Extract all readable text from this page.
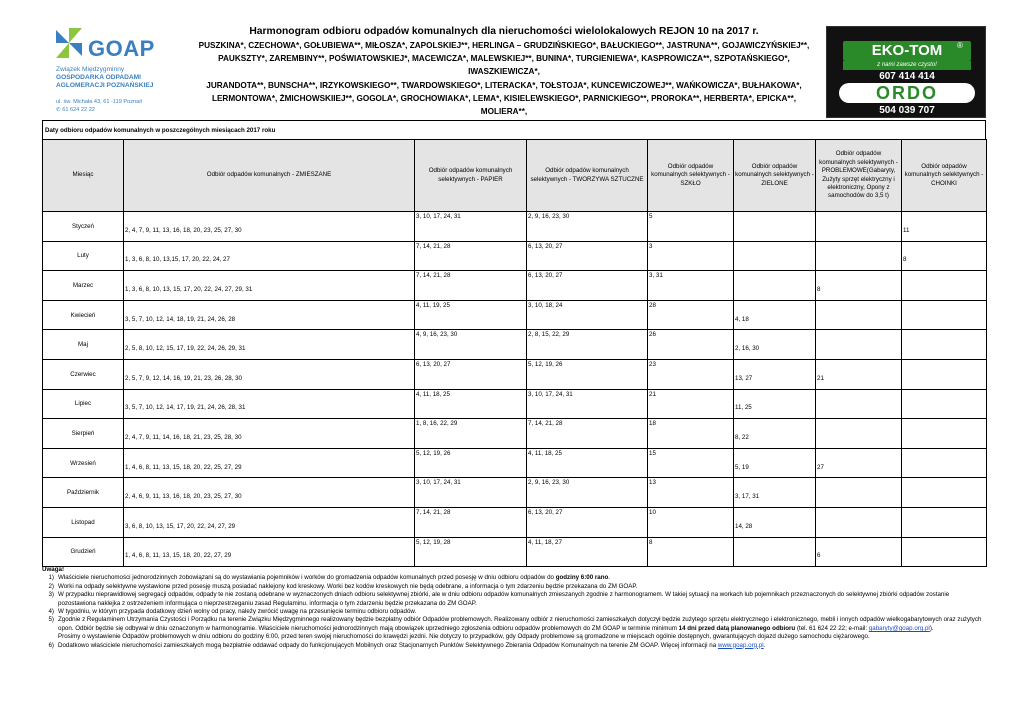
GOAP
Związek Międzygminny
GOSPODARKA ODPADAMI
AGLOMERACJI POZNAŃSKIEJ
ul. św. Michała 43, 61 -119 Poznań
✆ 61 624 22 22
Harmonogram odbioru odpadów komunalnych dla nieruchomości wielolokalowych REJON 10 na 2017 r.
PUSZKINA*, CZECHOWA*, GOŁUBIEWA**, MIŁOSZA*, ZAPOLSKIEJ**, HERLINGA – GRUDZIŃSKIEGO*, BAŁUCKIEGO**, JASTRUNA**, GOJAWICZYŃSKIEJ**,
PAUKSZTY*, ZAREMBINY**, POŚWIATOWSKIEJ*, MACEWICZA*, MALEWSKIEJ**, BUNINA*, TURGIENIEWA*, KASPROWICZA**, SZPOTAŃSKIEGO*, IWASZKIEWICZA*,
JURANDOTA**, BUNSCHA**, IRZYKOWSKIEGO**, TWARDOWSKIEGO*, LITERACKA*, TOŁSTOJA*, KUNCEWICZOWEJ**, WAŃKOWICZA*, BUŁHAKOWA*,
LERMONTOWA*, ŻMICHOWSKIIEJ**, GOGOLA*, GROCHOWIAKA*, LEMA*, KISIELEWSKIEGO*, PARNICKIEGO**, PROROKA**, HERBERTA*, EPICKA**, MOLIERA**,
EKO-TOM	®
z nami zawsze czysto!
607 414 414
ORDO
504 039 707
Daty odbioru odpadów komunalnych w poszczególnych miesiącach 2017 roku
Miesiąc	Odbiór odpadów komunalnych - ZMIESZANE	Odbiór odpadów komunalnych selektywnych - PAPIER	Odbiór odpadów komunalnych selektywnych - TWORZYWA SZTUCZNE	Odbiór odpadów komunalnych selektywnych - SZKŁO	Odbiór odpadów komunalnych selektywnych - ZIELONE	Odbiór odpadów komunalnych selektywnych - PROBLEMOWE(Gabaryty, Zużyty sprzęt elektryczny i elektroniczny, Opony z samochodów do 3,5 t)	Odbiór odpadów komunalnych selektywnych - CHOINKI
Styczeń	2, 4, 7, 9, 11, 13, 16, 18, 20, 23, 25, 27, 30	3, 10, 17, 24, 31	2, 9, 16, 23, 30	5			11
Luty	1, 3, 6, 8, 10, 13,15, 17, 20, 22, 24, 27	7, 14, 21, 28	6, 13, 20, 27	3			8
Marzec	1, 3, 6, 8, 10, 13, 15, 17, 20, 22, 24, 27, 29, 31	7, 14, 21, 28	6, 13, 20, 27	3, 31		8	
Kwiecień	3, 5, 7, 10, 12, 14, 18, 19, 21, 24, 26, 28	4, 11, 19, 25	3, 10, 18, 24	28	4, 18		
Maj	2, 5, 8, 10, 12, 15, 17, 19, 22, 24, 26, 29, 31	4, 9, 16, 23, 30	2, 8, 15, 22, 29	26	2, 16, 30		
Czerwiec	2, 5, 7, 9, 12, 14, 16, 19, 21, 23, 26, 28, 30	6, 13, 20, 27	5, 12, 19, 26	23	13, 27	21	
Lipiec	3, 5, 7, 10, 12, 14, 17, 19, 21, 24, 26, 28, 31	4, 11, 18, 25	3, 10, 17, 24, 31	21	11, 25		
Sierpień	2, 4, 7, 9, 11, 14, 16, 18, 21, 23, 25, 28, 30	1, 8, 16, 22, 29	7, 14, 21, 28	18	8, 22		
Wrzesień	1, 4, 6, 8, 11, 13, 15, 18, 20, 22, 25, 27, 29	5, 12, 19, 26	4, 11, 18, 25	15	5, 19	27	
Październik	2, 4, 6, 9, 11, 13, 16, 18, 20, 23, 25, 27, 30	3, 10, 17, 24, 31	2, 9, 16, 23, 30	13	3, 17, 31		
Listopad	3, 6, 8, 10, 13, 15, 17, 20, 22, 24, 27, 29	7, 14, 21, 28	6, 13, 20, 27	10	14, 28		
Grudzień	1, 4, 6, 8, 11, 13, 15, 18, 20, 22, 27, 29	5, 12, 19, 28	4, 11, 18, 27	8		6	
Uwaga!
1) Właściciele nieruchomości jednorodzinnych zobowiązani są do wystawiania pojemników i worków do gromadzenia odpadów komunalnych przed posesję w dniu odbioru odpadów do godziny 6:00 rano.
2) Worki na odpady selektywne wystawione przed posesję muszą posiadać naklejony kod kreskowy. Worki bez kodów kreskowych nie będą odebrane, a informacja o tym zdarzeniu będzie przekazana do ZM GOAP.
3) W przypadku nieprawidłowej segregacji odpadów, odpady te nie zostaną odebrane w wyznaczonych dniach odbioru selektywnej zbiórki, ale w dniu odbioru odpadów komunalnych zmieszanych zgodnie z harmonogramem. W takiej sytuacji na workach lub pojemnikach przeznaczonych do selektywnej zbiórki odpadów zostanie pozostawiona naklejka z ostrzeżeniem informująca o nieprzestrzeganiu zasad Regulaminu. informacja o tym zdarzeniu będzie przekazana do ZM GOAP.
4) W tygodniu, w którym przypada dodatkowy dzień wolny od pracy, należy zwrócić uwagę na przesunięcie terminu odbioru odpadów.
5) Zgodnie z Regulaminem Utrzymania Czystości i Porządku na terenie Związku Międzygminnego realizowany będzie bezpłatny odbiór Odpadów problemowych. Realizowany odbiór z nieruchomości zamieszkałych dotyczył będzie zużytego sprzętu elektrycznego i elektronicznego, mebli i innych odpadów wielkogabarytowych oraz zużytych opon. Odbiór będzie się odbywał w dniu oznaczonym w harmonogramie. Właściciele nieruchomości jednorodzinnych mają obowiązek uprzedniego zgłoszenia odbioru odpadów problemowych do ZM GOAP w terminie minimum 14 dni przed datą planowanego odbioru (tel. 61 624 22 22; e-mail: gabaryty@goap.org.pl).
Prosimy o wystawienie Odpadów problemowych w dniu odbioru do godziny 6:00, przed teren swojej nieruchomości do krawędzi jezdni. Nie dotyczy to przypadków, gdy Odpady problemowe są gromadzone w miejscach ogólnie dostępnych, gwarantujących dojazd dużego samochodu ciężarowego.
6) Dodatkowo właściciele nieruchomości zamieszkałych mogą bezpłatnie oddawać odpady do funkcjonujących Mobilnych oraz Stacjonarnych Punktów Selektywnego Zbierania Odpadów Komunalnych na terenie ZM GOAP. Więcej informacji na www.goap.org.pl.
